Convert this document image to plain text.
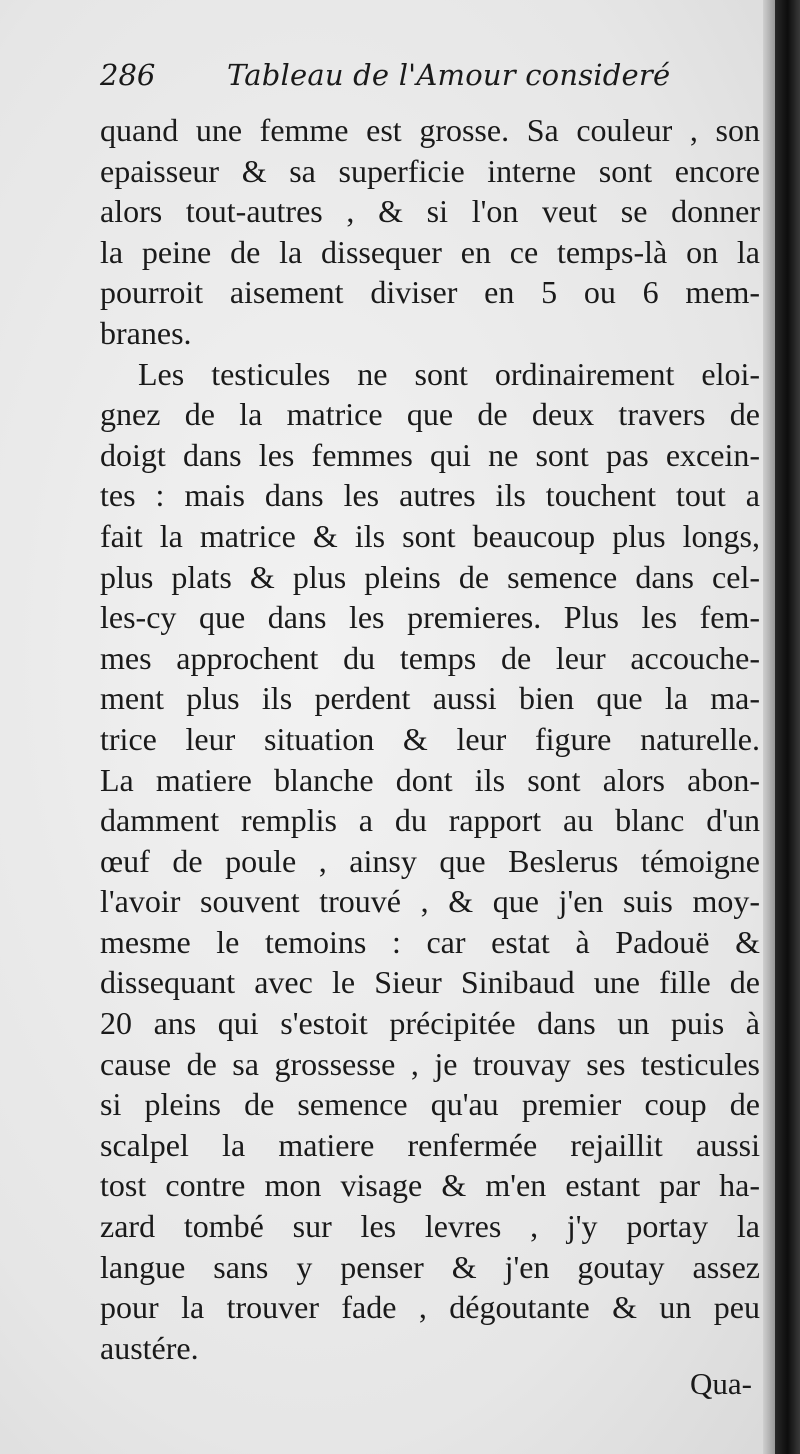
286 Tableau de l'Amour consideré
quand une femme est grosse. Sa couleur , son
epaisseur & sa superficie interne sont encore
alors tout-autres , & si l'on veut se donner
la peine de la dissequer en ce temps-là on la
pourroit aisement diviser en 5 ou 6 mem-
branes.
Les testicules ne sont ordinairement eloi-
gnez de la matrice que de deux travers de
doigt dans les femmes qui ne sont pas excein-
tes : mais dans les autres ils touchent tout a
fait la matrice & ils sont beaucoup plus longs,
plus plats & plus pleins de semence dans cel-
les-cy que dans les premieres. Plus les fem-
mes approchent du temps de leur accouche-
ment plus ils perdent aussi bien que la ma-
trice leur situation & leur figure naturelle.
La matiere blanche dont ils sont alors abon-
damment remplis a du rapport au blanc d'un
œuf de poule , ainsy que Beslerus témoigne
l'avoir souvent trouvé , & que j'en suis moy-
mesme le temoins : car estat à Padouë &
dissequant avec le Sieur Sinibaud une fille de
20 ans qui s'estoit précipitée dans un puis à
cause de sa grossesse , je trouvay ses testicules
si pleins de semence qu'au premier coup de
scalpel la matiere renfermée rejaillit aussi
tost contre mon visage & m'en estant par ha-
zard tombé sur les levres , j'y portay la
langue sans y penser & j'en goutay assez
pour la trouver fade , dégoutante & un peu
austére.
Qua-
